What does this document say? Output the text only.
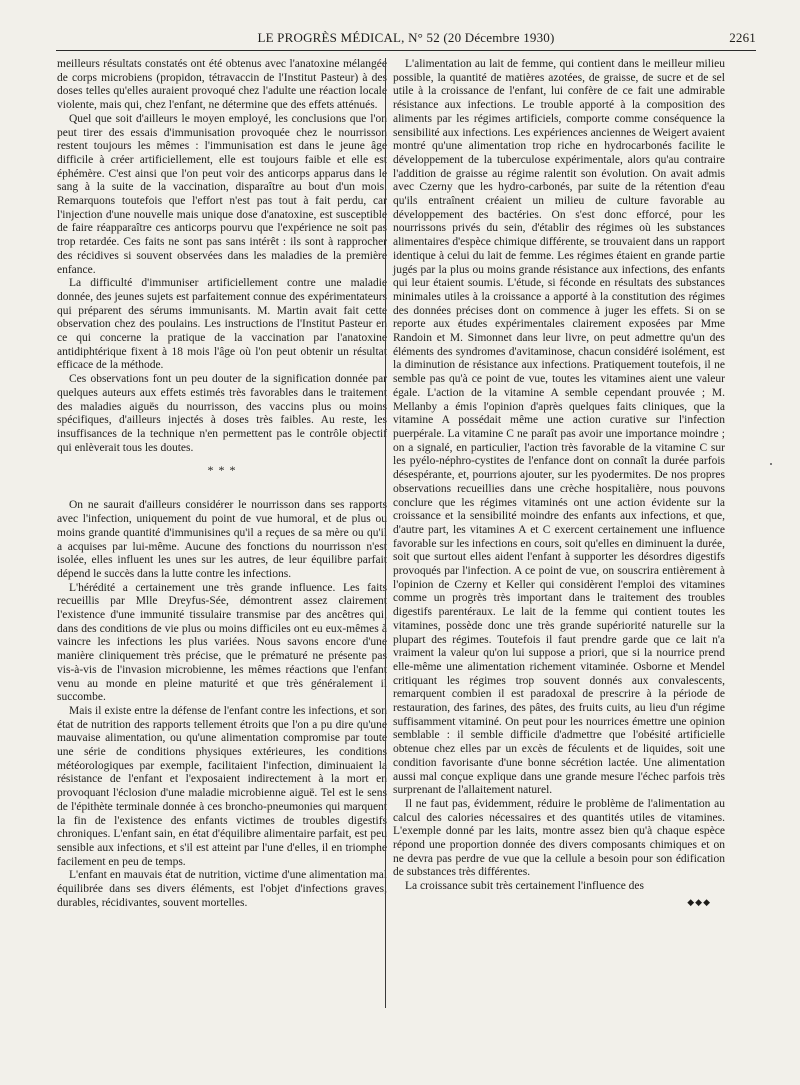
LE PROGRÈS MÉDICAL, N° 52 (20 Décembre 1930)	2261

meilleurs résultats constatés ont été obtenus avec l'anatoxine mélangée de corps microbiens (propidon, tétravaccin de l'Institut Pasteur) à des doses telles qu'elles auraient provoqué chez l'adulte une réaction locale violente, mais qui, chez l'enfant, ne détermine que des effets atténués.

Quel que soit d'ailleurs le moyen employé, les conclusions que l'on peut tirer des essais d'immunisation provoquée chez le nourrisson restent toujours les mêmes : l'immunisation est dans le jeune âge difficile à créer artificiellement, elle est toujours faible et elle est éphémère. C'est ainsi que l'on peut voir des anticorps apparus dans le sang à la suite de la vaccination, disparaître au bout d'un mois. Remarquons toutefois que l'effort n'est pas tout à fait perdu, car l'injection d'une nouvelle mais unique dose d'anatoxine, est susceptible de faire réapparaître ces anticorps pourvu que l'expérience ne soit pas trop retardée. Ces faits ne sont pas sans intérêt : ils sont à rapprocher des récidives si souvent observées dans les maladies de la première enfance.

La difficulté d'immuniser artificiellement contre une maladie donnée, des jeunes sujets est parfaitement connue des expérimentateurs qui préparent des sérums immunisants. M. Martin avait fait cette observation chez des poulains. Les instructions de l'Institut Pasteur en ce qui concerne la pratique de la vaccination par l'anatoxine antidiphtérique fixent à 18 mois l'âge où l'on peut obtenir un résultat efficace de la méthode.

Ces observations font un peu douter de la signification donnée par quelques auteurs aux effets estimés très favorables dans le traitement des maladies aiguës du nourrisson, des vaccins plus ou moins spécifiques, d'ailleurs injectés à doses très faibles. Au reste, les insuffisances de la technique n'en permettent pas le contrôle objectif qui enlèverait tous les doutes.

* * *

On ne saurait d'ailleurs considérer le nourrisson dans ses rapports avec l'infection, uniquement du point de vue humoral, et de plus ou moins grande quantité d'immunisines qu'il a reçues de sa mère ou qu'il a acquises par lui-même. Aucune des fonctions du nourrisson n'est isolée, elles influent les unes sur les autres, de leur équilibre parfait dépend le succès dans la lutte contre les infections.

L'hérédité a certainement une très grande influence. Les faits recueillis par Mlle Dreyfus-Sée, démontrent assez clairement l'existence d'une immunité tissulaire transmise par des ancêtres qui, dans des conditions de vie plus ou moins difficiles ont eu eux-mêmes à vaincre les infections les plus variées. Nous savons encore d'une manière cliniquement très précise, que le prématuré ne présente pas vis-à-vis de l'invasion microbienne, les mêmes réactions que l'enfant venu au monde en pleine maturité et que très généralement il succombe.

Mais il existe entre la défense de l'enfant contre les infections, et son état de nutrition des rapports tellement étroits que l'on a pu dire qu'une mauvaise alimentation, ou qu'une alimentation compromise par toute une série de conditions physiques extérieures, les conditions météorologiques par exemple, facilitaient l'infection, diminuaient la résistance de l'enfant et l'exposaient indirectement à la mort en provoquant l'éclosion d'une maladie microbienne aiguë. Tel est le sens de l'épithète terminale donnée à ces broncho-pneumonies qui marquent la fin de l'existence des enfants victimes de troubles digestifs chroniques. L'enfant sain, en état d'équilibre alimentaire parfait, est peu sensible aux infections, et s'il est atteint par l'une d'elles, il en triomphe facilement en peu de temps.

L'enfant en mauvais état de nutrition, victime d'une alimentation mal équilibrée dans ses divers éléments, est l'objet d'infections graves, durables, récidivantes, souvent mortelles.

L'alimentation au lait de femme, qui contient dans le meilleur milieu possible, la quantité de matières azotées, de graisse, de sucre et de sel utile à la croissance de l'enfant, lui confère de ce fait une admirable résistance aux infections. Le trouble apporté à la composition des aliments par les régimes artificiels, comporte comme conséquence la sensibilité aux infections. Les expériences anciennes de Weigert avaient montré qu'une alimentation trop riche en hydrocarbonés facilite le développement de la tuberculose expérimentale, alors qu'au contraire l'addition de graisse au régime ralentit son évolution. On avait admis avec Czerny que les hydro-carbonés, par suite de la rétention d'eau qu'ils entraînent créaient un milieu de culture favorable au développement des bactéries. On s'est donc efforcé, pour les nourrissons privés du sein, d'établir des régimes où les substances alimentaires d'espèce chimique différente, se trouvaient dans un rapport identique à celui du lait de femme. Les régimes étaient en grande partie jugés par la plus ou moins grande résistance aux infections, des enfants qui leur étaient soumis. L'étude, si féconde en résultats des substances minimales utiles à la croissance a apporté à la constitution des régimes des données précises dont on commence à juger les effets. Si on se reporte aux études expérimentales clairement exposées par Mme Randoin et M. Simonnet dans leur livre, on peut admettre qu'un des éléments des syndromes d'avitaminose, chacun considéré isolément, est la diminution de résistance aux infections. Pratiquement toutefois, il ne semble pas qu'à ce point de vue, toutes les vitamines aient une valeur égale. L'action de la vitamine A semble cependant prouvée ; M. Mellanby a émis l'opinion d'après quelques faits cliniques, que la vitamine A possédait même une action curative sur l'infection puerpérale. La vitamine C ne paraît pas avoir une importance moindre ; on a signalé, en particulier, l'action très favorable de la vitamine C sur les pyélo-néphro-cystites de l'enfance dont on connaît la durée parfois désespérante, et, pourrions ajouter, sur les pyodermites. De nos propres observations recueillies dans une crèche hospitalière, nous pouvons conclure que les régimes vitaminés ont une action évidente sur la croissance et la sensibilité moindre des enfants aux infections, et que, d'autre part, les vitamines A et C exercent certainement une influence favorable sur les infections en cours, soit qu'elles en diminuent la durée, soit que surtout elles aident l'enfant à supporter les désordres digestifs provoqués par l'infection. A ce point de vue, on souscrira entièrement à l'opinion de Czerny et Keller qui considèrent l'emploi des vitamines comme un progrès très important dans le traitement des troubles digestifs parentéraux. Le lait de la femme qui contient toutes les vitamines, possède donc une très grande supériorité naturelle sur la plupart des régimes. Toutefois il faut prendre garde que ce lait n'a vraiment la valeur qu'on lui suppose a priori, que si la nourrice prend elle-même une alimentation richement vitaminée. Osborne et Mendel critiquant les régimes trop souvent donnés aux convalescents, remarquent combien il est paradoxal de prescrire à la période de restauration, des farines, des pâtes, des fruits cuits, au lieu d'un régime suffisamment vitaminé. On peut pour les nourrices émettre une opinion semblable : il semble difficile d'admettre que l'obésité artificielle obtenue chez elles par un excès de féculents et de liquides, soit une condition favorisante d'une bonne sécrétion lactée. Une alimentation aussi mal conçue explique dans une grande mesure l'échec parfois très surprenant de l'allaitement naturel.

Il ne faut pas, évidemment, réduire le problème de l'alimentation au calcul des calories nécessaires et des quantités utiles de vitamines. L'exemple donné par les laits, montre assez bien qu'à chaque espèce répond une proportion donnée des divers composants chimiques et on ne devra pas perdre de vue que la cellule a besoin pour son édification de substances très différentes.

La croissance subit très certainement l'influence des

◆◆◆
